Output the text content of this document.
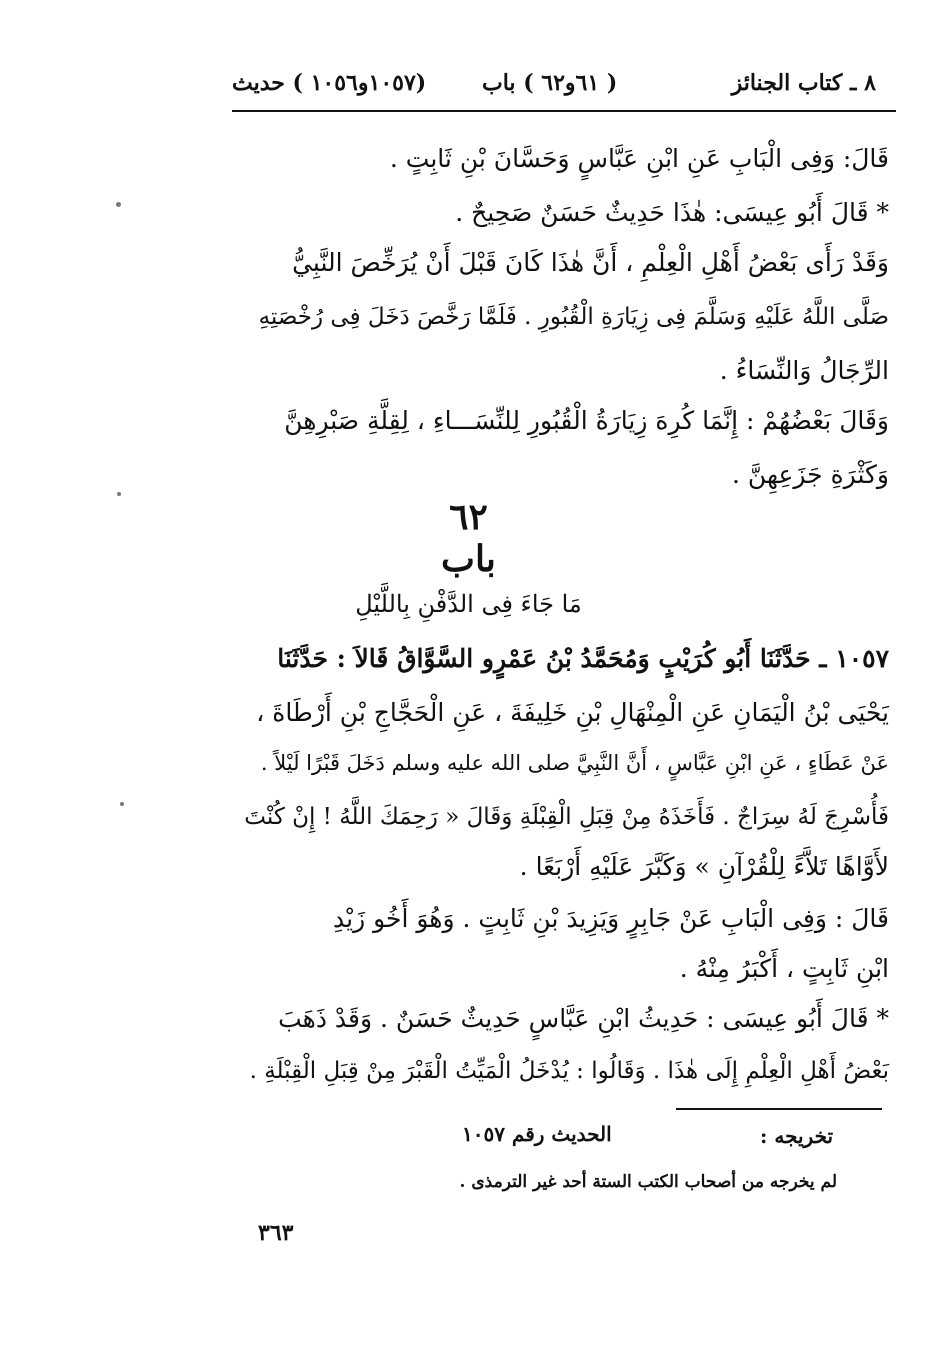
(١٠٥٧و١٠٥٦ ) حديث	( ٦١و٦٢ ) باب	٨ ـ كتاب الجنائز
قَالَ: وَفِى الْبَابِ عَنِ ابْنِ عَبَّاسٍ وَحَسَّانَ بْنِ ثَابِتٍ .
* قَالَ أَبُو عِيسَى: هٰذَا حَدِيثٌ حَسَنٌ صَحِيحٌ .
وَقَدْ رَأَى بَعْضُ أَهْلِ الْعِلْمِ ، أَنَّ هٰذَا كَانَ قَبْلَ أَنْ يُرَخِّصَ النَّبِيُّ
صَلَّى اللَّهُ عَلَيْهِ وَسَلَّمَ فِى زِيَارَةِ الْقُبُورِ . فَلَمَّا رَخَّصَ دَخَلَ فِى رُخْصَتِهِ
الرِّجَالُ وَالنِّسَاءُ .
وَقَالَ بَعْضُهُمْ : إِنَّمَا كُرِهَ زِيَارَةُ الْقُبُورِ لِلنِّسَـــاءِ ، لِقِلَّةِ صَبْرِهِنَّ
وَكَثْرَةِ جَزَعِهِنَّ .
٦٢
باب
مَا جَاءَ فِى الدَّفْنِ بِاللَّيْلِ
١٠٥٧ ـ حَدَّثَنَا أَبُو كُرَيْبٍ وَمُحَمَّدُ بْنُ عَمْرٍو السَّوَّاقُ قَالاَ : حَدَّثَنَا
يَحْيَى بْنُ الْيَمَانِ عَنِ الْمِنْهَالِ بْنِ خَلِيفَةَ ، عَنِ الْحَجَّاجِ بْنِ أَرْطَاةَ ،
عَنْ عَطَاءٍ ، عَنِ ابْنِ عَبَّاسٍ ، أَنَّ النَّبِيَّ صلى الله عليه وسلم دَخَلَ قَبْرًا لَيْلاً .
فَأُسْرِجَ لَهُ سِرَاجٌ . فَأَخَذَهُ مِنْ قِبَلِ الْقِبْلَةِ وَقَالَ « رَحِمَكَ اللَّهُ ! إِنْ كُنْتَ
لأَوَّاهًا تَلاَّءً لِلْقُرْآنِ » وَكَبَّرَ عَلَيْهِ أَرْبَعًا .
قَالَ : وَفِى الْبَابِ عَنْ جَابِرٍ وَيَزِيدَ بْنِ ثَابِتٍ . وَهُوَ أَخُو زَيْدِ
ابْنِ ثَابِتٍ ، أَكْبَرُ مِنْهُ .
* قَالَ أَبُو عِيسَى : حَدِيثُ ابْنِ عَبَّاسٍ حَدِيثٌ حَسَنٌ . وَقَدْ ذَهَبَ
بَعْضُ أَهْلِ الْعِلْمِ إِلَى هٰذَا . وَقَالُوا : يُدْخَلُ الْمَيِّتُ الْقَبْرَ مِنْ قِبَلِ الْقِبْلَةِ .
تخريجه :
الحديث رقم ١٠٥٧
لم يخرجه من أصحاب الكتب الستة أحد غير الترمذى .
٣٦٣
